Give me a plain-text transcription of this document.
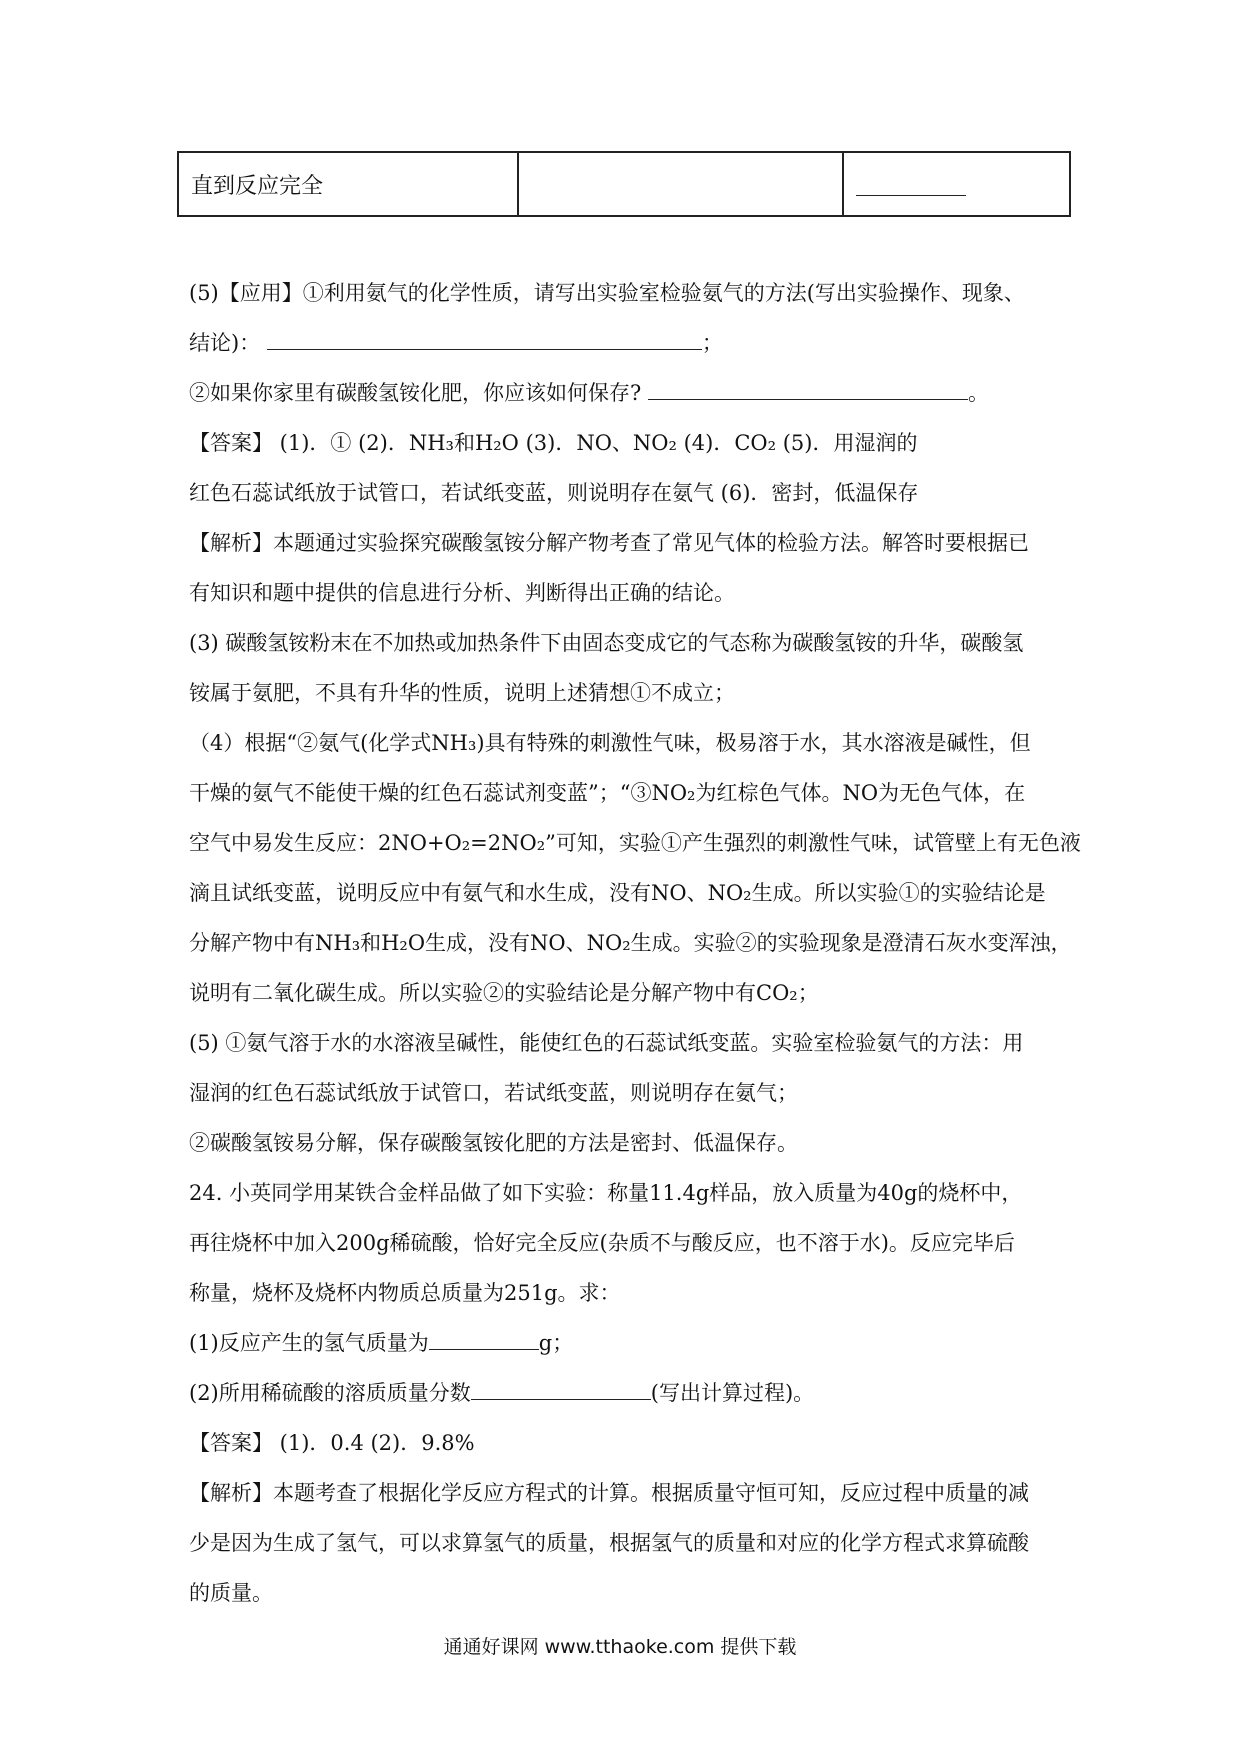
直到反应完全
(5)【应用】①利用氨气的化学性质，请写出实验室检验氨气的方法(写出实验操作、现象、
结论)：	；
②如果你家里有碳酸氢铵化肥，你应该如何保存?	。
【答案】 (1)．① (2)．NH₃和H₂O (3)．NO、NO₂ (4)．CO₂ (5)．用湿润的
红色石蕊试纸放于试管口，若试纸变蓝，则说明存在氨气 (6)．密封，低温保存
【解析】本题通过实验探究碳酸氢铵分解产物考查了常见气体的检验方法。解答时要根据已
有知识和题中提供的信息进行分析、判断得出正确的结论。
(3) 碳酸氢铵粉末在不加热或加热条件下由固态变成它的气态称为碳酸氢铵的升华，碳酸氢
铵属于氨肥，不具有升华的性质，说明上述猜想①不成立；
（4）根据“②氨气(化学式NH₃)具有特殊的刺激性气味，极易溶于水，其水溶液是碱性，但
干燥的氨气不能使干燥的红色石蕊试剂变蓝”；“③NO₂为红棕色气体。NO为无色气体，在
空气中易发生反应：2NO+O₂=2NO₂”可知，实验①产生强烈的刺激性气味，试管壁上有无色液
滴且试纸变蓝，说明反应中有氨气和水生成，没有NO、NO₂生成。所以实验①的实验结论是
分解产物中有NH₃和H₂O生成，没有NO、NO₂生成。实验②的实验现象是澄清石灰水变浑浊，
说明有二氧化碳生成。所以实验②的实验结论是分解产物中有CO₂；
(5) ①氨气溶于水的水溶液呈碱性，能使红色的石蕊试纸变蓝。实验室检验氨气的方法：用
湿润的红色石蕊试纸放于试管口，若试纸变蓝，则说明存在氨气；
②碳酸氢铵易分解，保存碳酸氢铵化肥的方法是密封、低温保存。
24. 小英同学用某铁合金样品做了如下实验：称量11.4g样品，放入质量为40g的烧杯中，
再往烧杯中加入200g稀硫酸，恰好完全反应(杂质不与酸反应，也不溶于水)。反应完毕后
称量，烧杯及烧杯内物质总质量为251g。求：
(1)反应产生的氢气质量为	g；
(2)所用稀硫酸的溶质质量分数	(写出计算过程)。
【答案】 (1)．0.4 (2)．9.8%
【解析】本题考查了根据化学反应方程式的计算。根据质量守恒可知，反应过程中质量的减
少是因为生成了氢气，可以求算氢气的质量，根据氢气的质量和对应的化学方程式求算硫酸
的质量。
通通好课网 www.tthaoke.com 提供下载
